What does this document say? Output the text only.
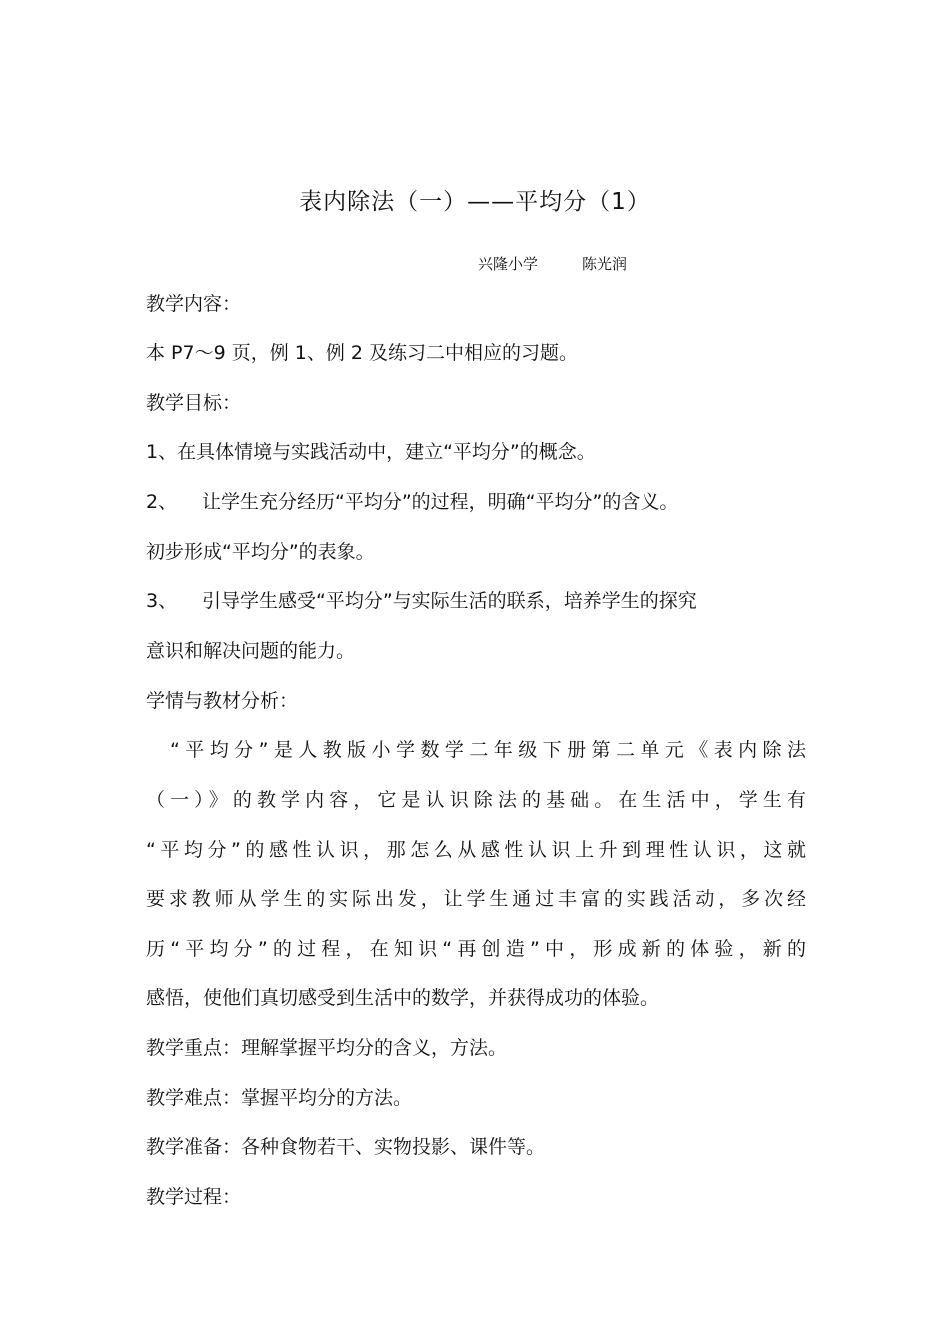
表内除法（一）——平均分（1）
兴隆小学	陈光润
教学内容：
本 P7～9 页，例 1、例 2 及练习二中相应的习题。
教学目标：
1、在具体情境与实践活动中，建立“平均分”的概念。
2、 让学生充分经历“平均分”的过程，明确“平均分”的含义。
初步形成“平均分”的表象。
3、 引导学生感受“平均分”与实际生活的联系，培养学生的探究
意识和解决问题的能力。
学情与教材分析：
“平均分”是人教版小学数学二年级下册第二单元《表内除法
（一）》的教学内容，它是认识除法的基础。在生活中，学生有
“平均分”的感性认识，那怎么从感性认识上升到理性认识，这就
要求教师从学生的实际出发，让学生通过丰富的实践活动，多次经
历“平均分”的过程，在知识“再创造”中，形成新的体验，新的
感悟，使他们真切感受到生活中的数学，并获得成功的体验。
教学重点：理解掌握平均分的含义，方法。
教学难点：掌握平均分的方法。
教学准备：各种食物若干、实物投影、课件等。
教学过程：
